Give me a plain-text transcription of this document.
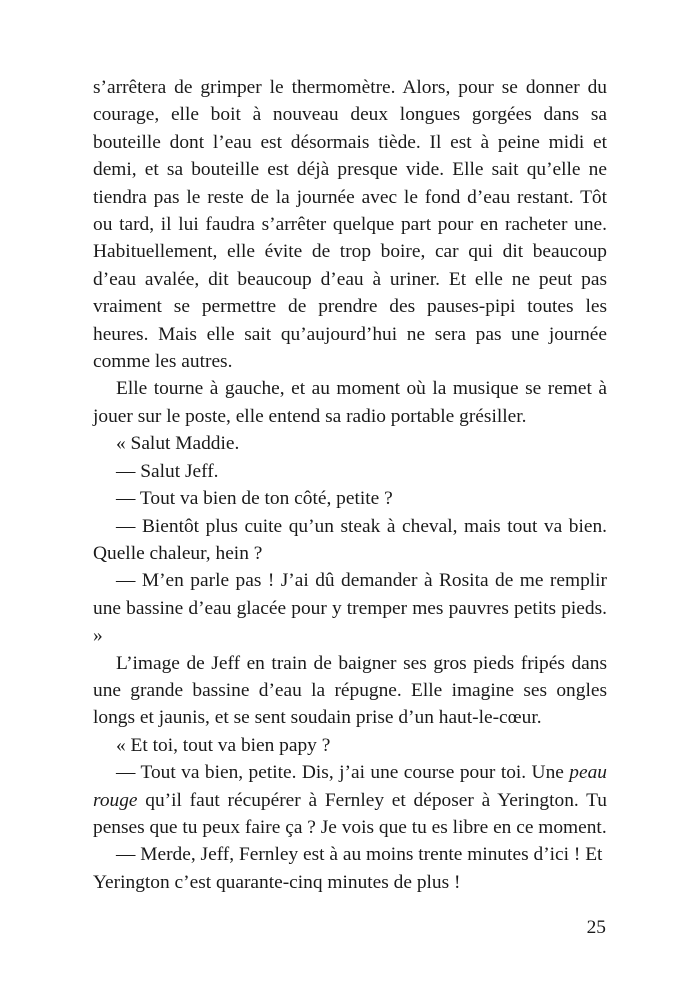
s’arrêtera de grimper le thermomètre. Alors, pour se donner du courage, elle boit à nouveau deux longues gorgées dans sa bouteille dont l’eau est désormais tiède. Il est à peine midi et demi, et sa bouteille est déjà presque vide. Elle sait qu’elle ne tiendra pas le reste de la journée avec le fond d’eau restant. Tôt ou tard, il lui faudra s’arrêter quelque part pour en racheter une. Habituellement, elle évite de trop boire, car qui dit beaucoup d’eau avalée, dit beaucoup d’eau à uriner. Et elle ne peut pas vraiment se permettre de prendre des pauses-pipi toutes les heures. Mais elle sait qu’aujourd’hui ne sera pas une journée comme les autres.

Elle tourne à gauche, et au moment où la musique se remet à jouer sur le poste, elle entend sa radio portable grésiller.

« Salut Maddie.

— Salut Jeff.

— Tout va bien de ton côté, petite ?

— Bientôt plus cuite qu’un steak à cheval, mais tout va bien. Quelle chaleur, hein ?

— M’en parle pas ! J’ai dû demander à Rosita de me remplir une bassine d’eau glacée pour y tremper mes pauvres petits pieds. »

L’image de Jeff en train de baigner ses gros pieds fripés dans une grande bassine d’eau la répugne. Elle imagine ses ongles longs et jaunis, et se sent soudain prise d’un haut-le-cœur.

« Et toi, tout va bien papy ?

— Tout va bien, petite. Dis, j’ai une course pour toi. Une peau rouge qu’il faut récupérer à Fernley et déposer à Yerington. Tu penses que tu peux faire ça ? Je vois que tu es libre en ce moment.

— Merde, Jeff, Fernley est à au moins trente minutes d’ici ! Et Yerington c’est quarante-cinq minutes de plus !

25
